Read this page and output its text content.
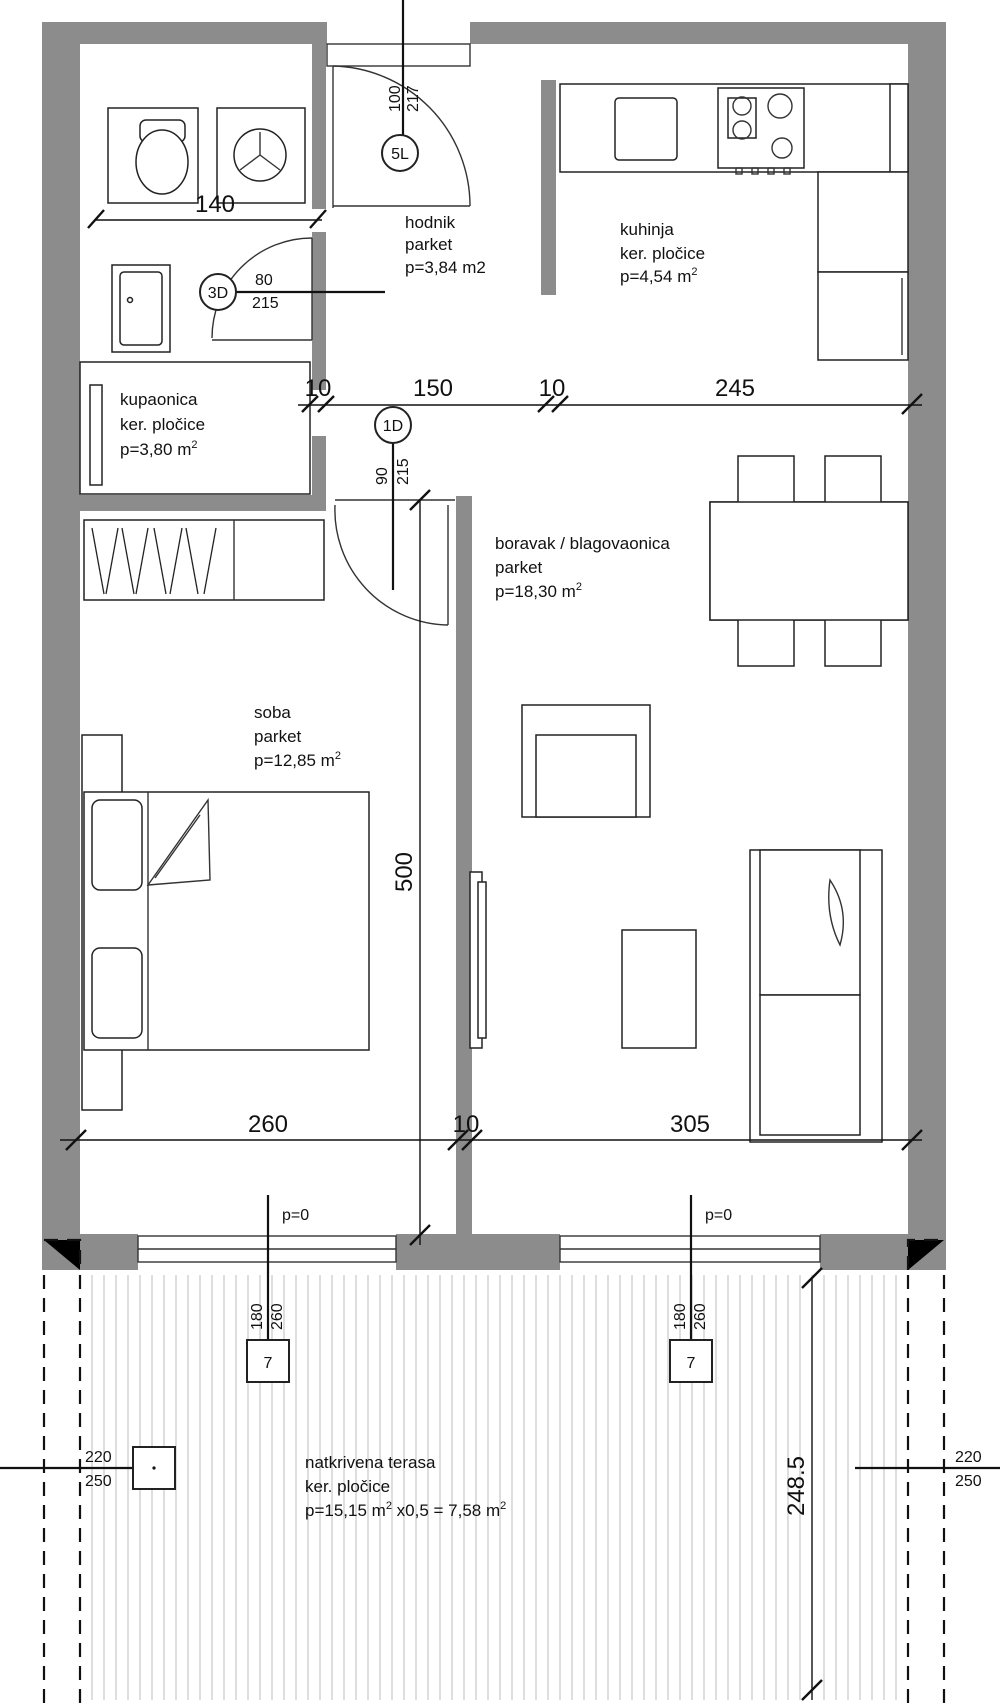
5L
100 217
3D
80
215
1D
90 215
7
180 260
p=0
7
180 260
p=0
220
250
220
250
140
10	150	10	245
500
260	10	305
248.5
hodnik
parket
p=3,84 m2
kuhinja
ker. pločice
p=4,54 $m^2$
kupaonica
ker. pločice
p=3,80 $m^2$
boravak / blagovaonica
parket
p=18,30 $m^2$
soba
parket
p=12,85 $m^2$
natkrivena terasa
ker. pločice
p=15,15 $m^2$ x0,5 = 7,58 $m^2$
